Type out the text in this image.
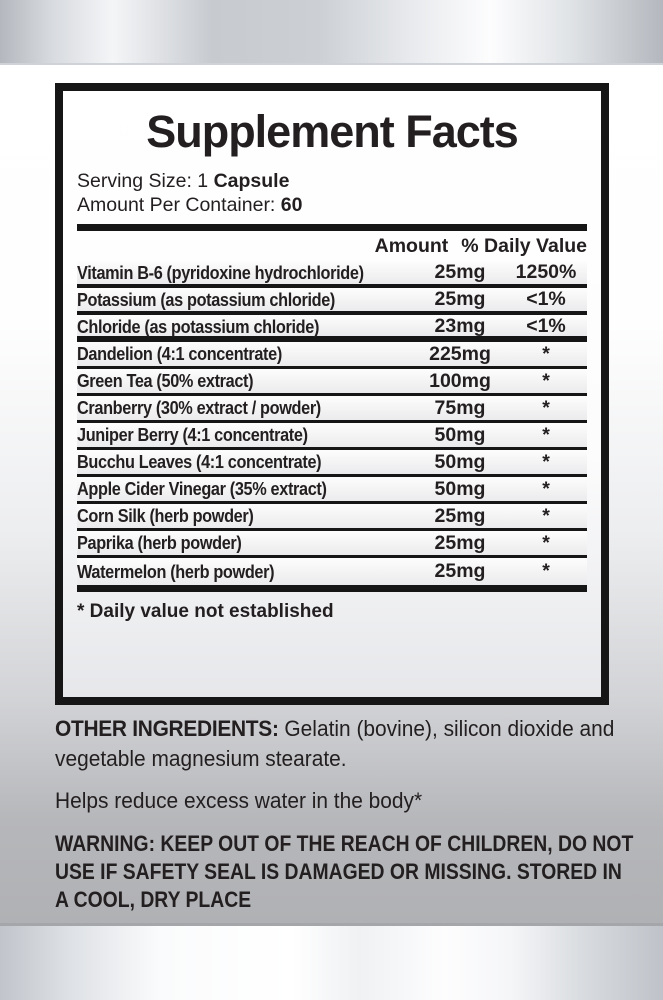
Supplement Facts
Serving Size: 1 Capsule
Amount Per Container: 60
Amount % Daily Value
Vitamin B-6 (pyridoxine hydrochloride)	25mg	1250%
Potassium (as potassium chloride)	25mg	<1%
Chloride (as potassium chloride)	23mg	<1%
Dandelion (4:1 concentrate)	225mg	*
Green Tea (50% extract)	100mg	*
Cranberry (30% extract / powder)	75mg	*
Juniper Berry (4:1 concentrate)	50mg	*
Bucchu Leaves (4:1 concentrate)	50mg	*
Apple Cider Vinegar (35% extract)	50mg	*
Corn Silk (herb powder)	25mg	*
Paprika (herb powder)	25mg	*
Watermelon (herb powder)	25mg	*
* Daily value not established

OTHER INGREDIENTS: Gelatin (bovine), silicon dioxide and vegetable magnesium stearate.

Helps reduce excess water in the body*

WARNING: KEEP OUT OF THE REACH OF CHILDREN, DO NOT USE IF SAFETY SEAL IS DAMAGED OR MISSING. STORED IN A COOL, DRY PLACE
